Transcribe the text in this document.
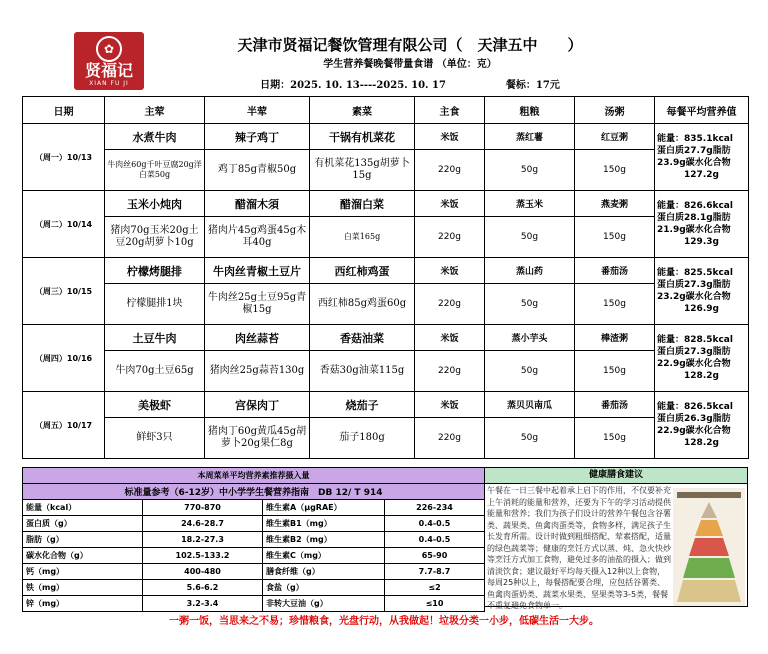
✿
贤福记
XIAN FU JI
天津市贤福记餐饮管理有限公司（　天津五中　　）
学生营养餐晚餐带量食谱 （单位：克）
日期：2025. 10. 13----2025. 10. 17	餐标：17元
日期	主荤	半荤	素菜	主食	粗粮	汤粥	每餐平均营养值
（周一）10/13	水煮牛肉	辣子鸡丁	干锅有机菜花	米饭	蒸红薯	红豆粥	能量：835.1kcal
蛋白质27.7g脂肪
23.9g碳水化合物
127.2g

	牛肉丝60g千叶豆腐20g洋白菜50g	鸡丁85g青椒50g	有机菜花135g胡萝卜15g	220g	50g	150g	
（周二）10/14	玉米小炖肉	醋溜木須	醋溜白菜	米饭	蒸玉米	燕麦粥	能量：826.6kcal
蛋白质28.1g脂肪
21.9g碳水化合物
129.3g

	猪肉70g玉米20g土豆20g胡萝卜10g	猪肉片45g鸡蛋45g木耳40g	白菜165g	220g	50g	150g	
（周三）10/15	柠檬烤腿排	牛肉丝青椒土豆片	西红柿鸡蛋	米饭	蒸山药	番茄汤	能量：825.5kcal
蛋白质27.3g脂肪
23.2g碳水化合物
126.9g

	柠檬腿排1块	牛肉丝25g土豆95g青椒15g	西红柿85g鸡蛋60g	220g	50g	150g	
（周四）10/16	土豆牛肉	肉丝蒜苔	香菇油菜	米饭	蒸小芋头	棒渣粥	能量：828.5kcal
蛋白质27.3g脂肪
22.9g碳水化合物
128.2g

	牛肉70g土豆65g	猪肉丝25g蒜苔130g	香菇30g油菜115g	220g	50g	150g	
（周五）10/17	美极虾	宫保肉丁	烧茄子	米饭	蒸贝贝南瓜	番茄汤	能量：826.5kcal
蛋白质26.3g脂肪
22.9g碳水化合物
128.2g

	鲜虾3只	猪肉丁60g黄瓜45g胡萝卜20g果仁8g	茄子180g	220g	50g	150g	
本周菜单平均营养素推荐摄入量			
标准量参考（6-12岁）中小学学生餐营养指南　DB 12/ T 914			
能量（kcal）	770-870	维生素A（μgRAE）	226-234
蛋白质（g）	24.6-28.7	维生素B1（mg）	0.4-0.5
脂肪（g）	18.2-27.3	维生素B2（mg）	0.4-0.5
碳水化合物（g）	102.5-133.2	维生素C（mg）	65-90
钙（mg）	400-480	膳食纤维（g）	7.7-8.7
铁（mg）	5.6-6.2	食盐（g）	≤2
锌（mg）	3.2-3.4	非转大豆油（g）	≤10
健康膳食建议
午餐在一日三餐中起着承上启下的作用，不仅要补充上午消耗的能量和营养，还要为下午的学习活动提供能量和营养；我们为孩子们设计的营养午餐包含谷薯类、蔬果类、鱼禽肉蛋类等，食物多样，满足孩子生长发育所需。设计时做到粗细搭配、荤素搭配，适量的绿色蔬菜等；健康的烹饪方式以蒸、炖、急火快炒等烹饪方式加工食物，避免过多的油盐的摄入；做到清淡饮食；建议最好平均每天摄入12种以上食物，每周25种以上，每餐搭配要合理，应包括谷薯类、鱼禽肉蛋奶类、蔬菜水果类、坚果类等3-5类，餐餐不重复避免食物单一。
一粥一饭，当思来之不易；珍惜粮食，光盘行动，从我做起！垃圾分类一小步，低碳生活一大步。
